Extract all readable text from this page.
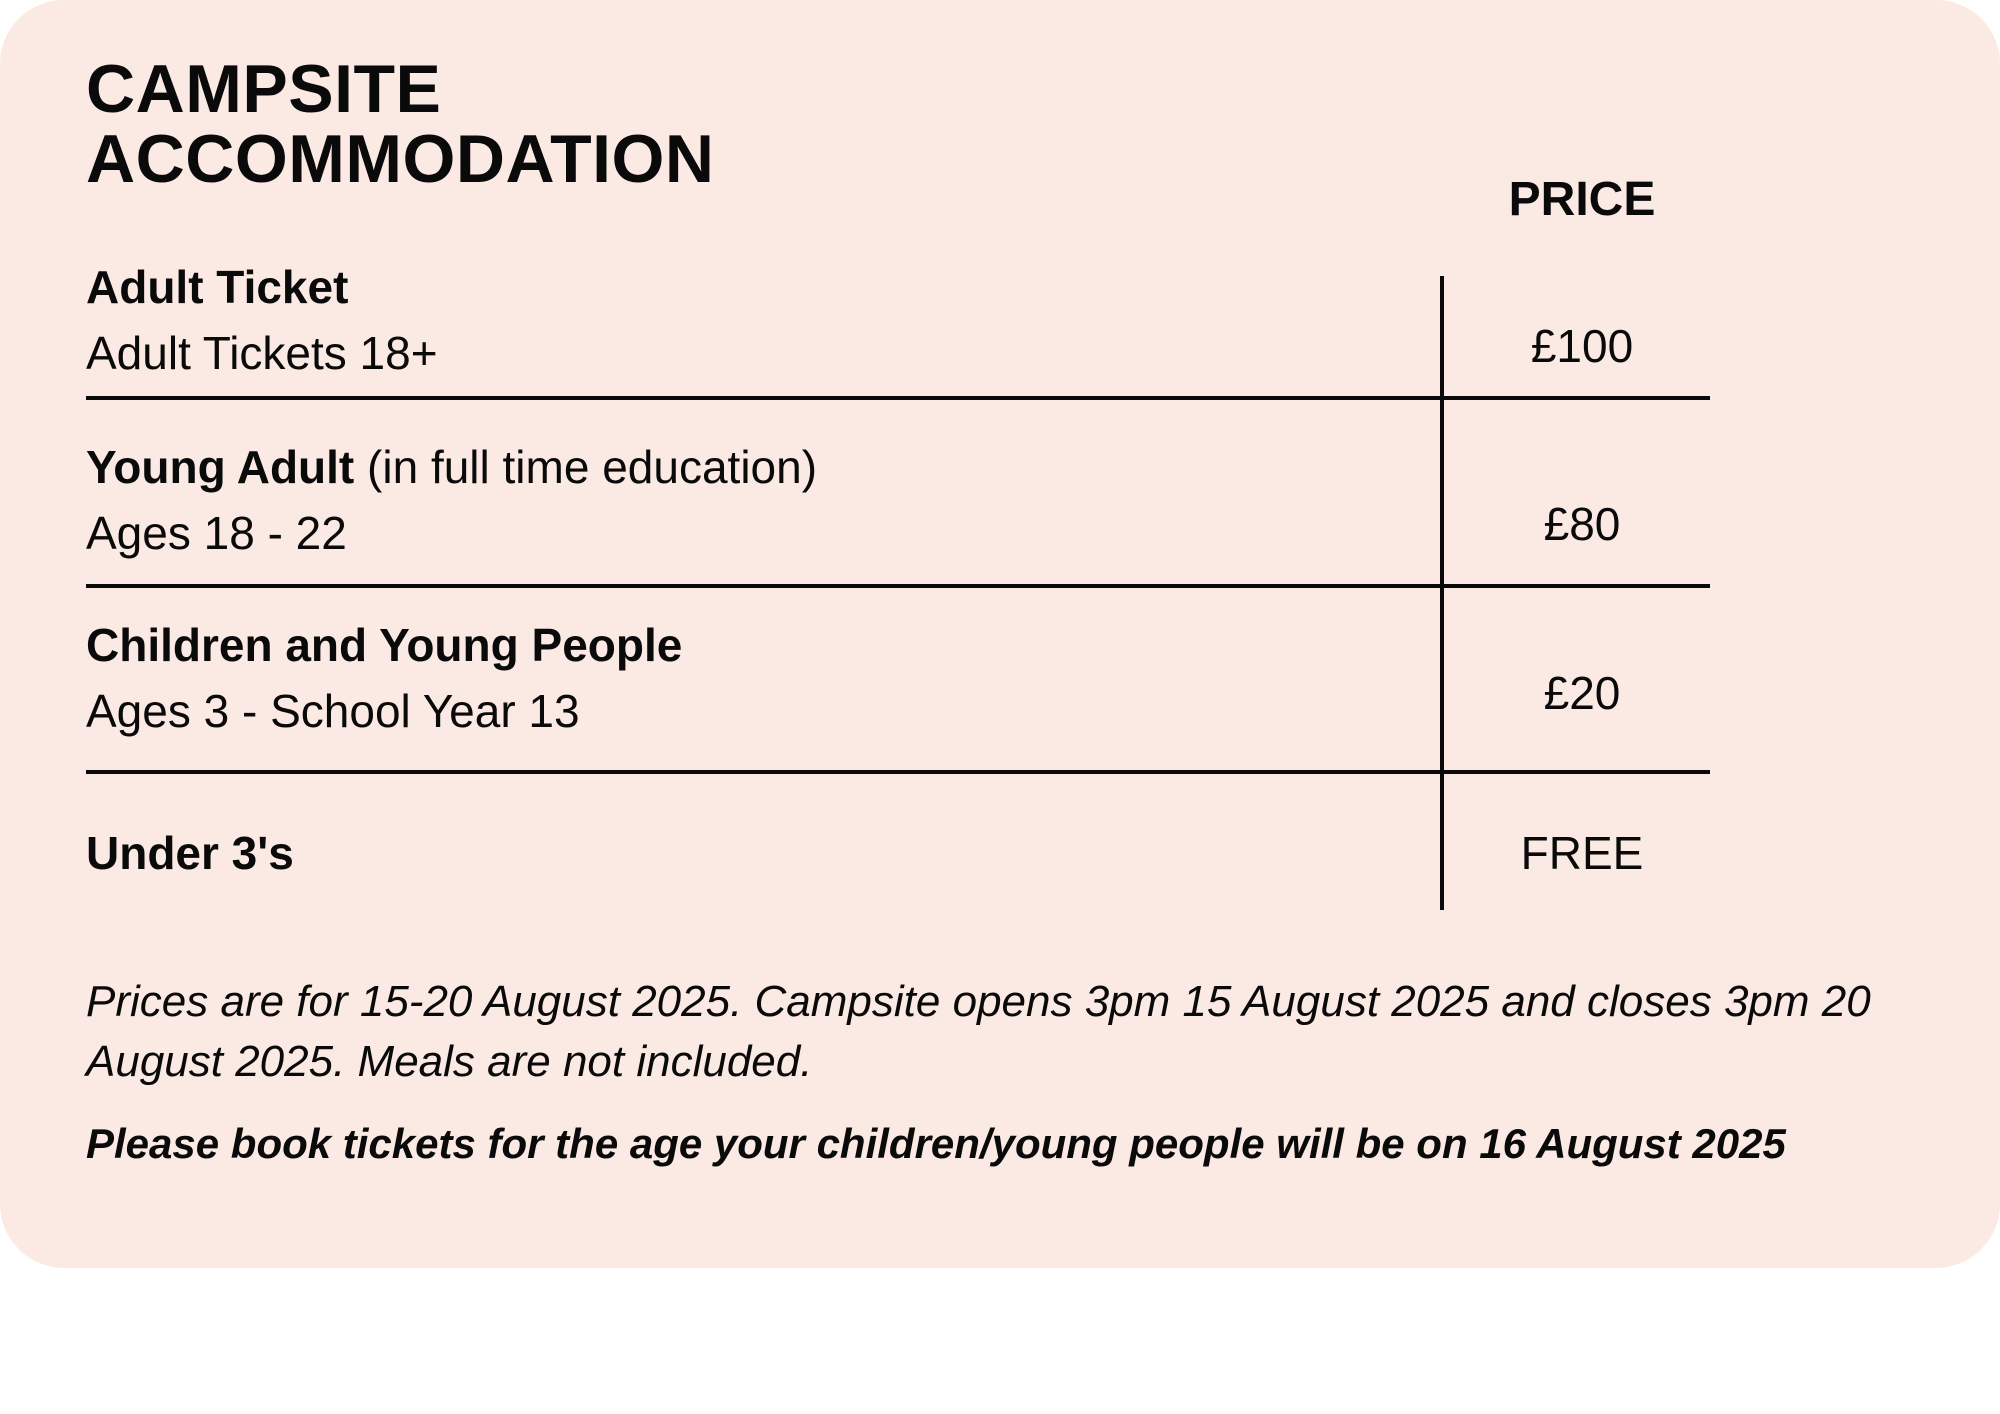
CAMPSITE
ACCOMMODATION
PRICE
Adult Ticket
Adult Tickets 18+	£100
Young Adult (in full time education)
Ages 18 - 22	£80
Children and Young People
Ages 3 - School Year 13	£20
Under 3's	FREE
Prices are for 15-20 August 2025. Campsite opens 3pm 15 August 2025 and closes 3pm 20 August 2025. Meals are not included.
Please book tickets for the age your children/young people will be on 16 August 2025
